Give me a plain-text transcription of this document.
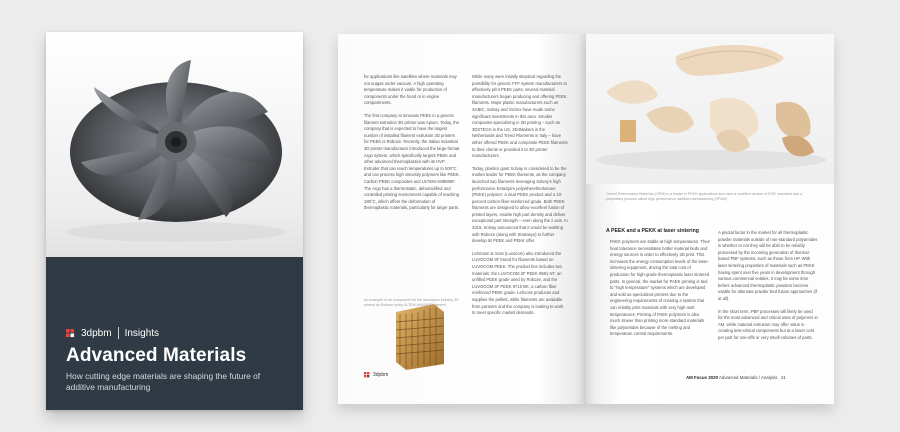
3dpbm Insights
Advanced Materials
How cutting edge materials are shaping the future of additive manufacturing
for applications like satellites where materials may not outgas under vacuum. A high operating temperature makes it viable for production of components under the hood or in engine compartments.
The first company to innovate PEEK in a generic filament extrusion 3D printer was Apium. Today, the company that is expected to have the largest number of installed filament extrusion 3D printers for PEEK is Roboze. Recently, the Italian industrial 3D printer manufacturer introduced the large format Argo system, which specifically targets PEEK and other advanced thermoplastics with its HVP Extruder that can reach temperatures up to 500°C and can process high viscosity polymers like PEEK, Carbon PEEK composites and ULTEM AM9085F. The Argo has a thermostatic, dehumidified and controlled printing environment capable of reaching 180°C, which offers the deformation of thermoplastic materials, particularly for larger parts.
An example of an component for the aerospace industry 3D printed by Roboze using ULTEM AM9085F filament
While many were initially skeptical regarding the possibility for generic FFF system manufacturers to effectively print PEEK parts, several material manufacturers began producing and offering PEEK filaments. Major plastic manufacturers such as SABIC, Solvay and Victrex have made some significant investments in this area. Smaller companies specializing in 3D printing – such as 3DXTECH in the US, 3D4Makers in the Netherlands and Treed Filaments in Italy – have either offered PEEK and composite PEEK filaments to their clients or provided it to 3D printer manufacturers.
Today, plastics giant Solvay is considered to be the market leader for PEEK filaments, as the company launched two filaments leveraging Solvay's high performance KetaSpire polyetheretherketone (PEEK) polymer: a neat PEEK product and a 10-percent carbon-fiber-reinforced grade. Both PEEK filaments are designed to allow excellent fusion of printed layers, enable high part density and deliver exceptional part strength – even along the z axis. In 2019, Solvay announced that it would be working with Roboze (along with Stratasys) to further develop its PEEK and PEKK offer.
Lehmann & Voss (Luvocom) also introduced the LUVOCOM 3F brand for filaments based on LUVOCOM PEEK. The product line includes two materials: the LUVOCOM 3F PEEK 9581 NT, an unfilled PEEK grade used by Roboze, and the LUVOCOM 3F PEEK 9710 BK, a carbon fiber reinforced PEEK grade. Lehvoss produces and supplies the pellets, while filaments are available from partners and the company is looking to work to meet specific market demands.
3dpbm
Oxford Performance Materials (OPM) is a leader in PEKK applications and uses a modified version of EOS machines and a proprietary process called high performance additive manufacturing (HPAM)
A PEEK and a PEKK at laser sintering
PAEK polymers are stable at high temperatures. Their heat tolerance necessitates hotter material beds and energy sources in order to effectively 3D print. This increases the energy consumption levels of the laser-sintering equipment, driving the total cost of production for high-grade thermoplastic laser sintered parts. In general, the market for PAEK printing is tied to "high temperature" systems which are developed and sold as specialized printers due to the engineering requirements of creating a system that can reliably print materials with very high melt temperatures. Printing of PAEK polymers is also much slower than printing more standard materials like polyamides because of the melting and temperature control requirements.
A pivotal factor in the market for all thermoplastic powder materials outside of non-standard polyamides is whether or not they will be able to be reliably processed by the incoming generation of thermal-based PBF systems, such as those from HP. With laser sintering properties of materials such as PEKK having spent over five years in development through various commercial entities, it may be some time before advanced thermoplastic powders become usable for alternate powder bed fusion approaches (if at all).
In the short term, PBF processes will likely be used for the most advanced and critical uses of polymers in AM, while material extrusion may offer value in creating less-critical components but at a lower cost per part for one-offs or very small volumes of parts.
AM Focus 2020 Advanced Materials / Analysis 21
